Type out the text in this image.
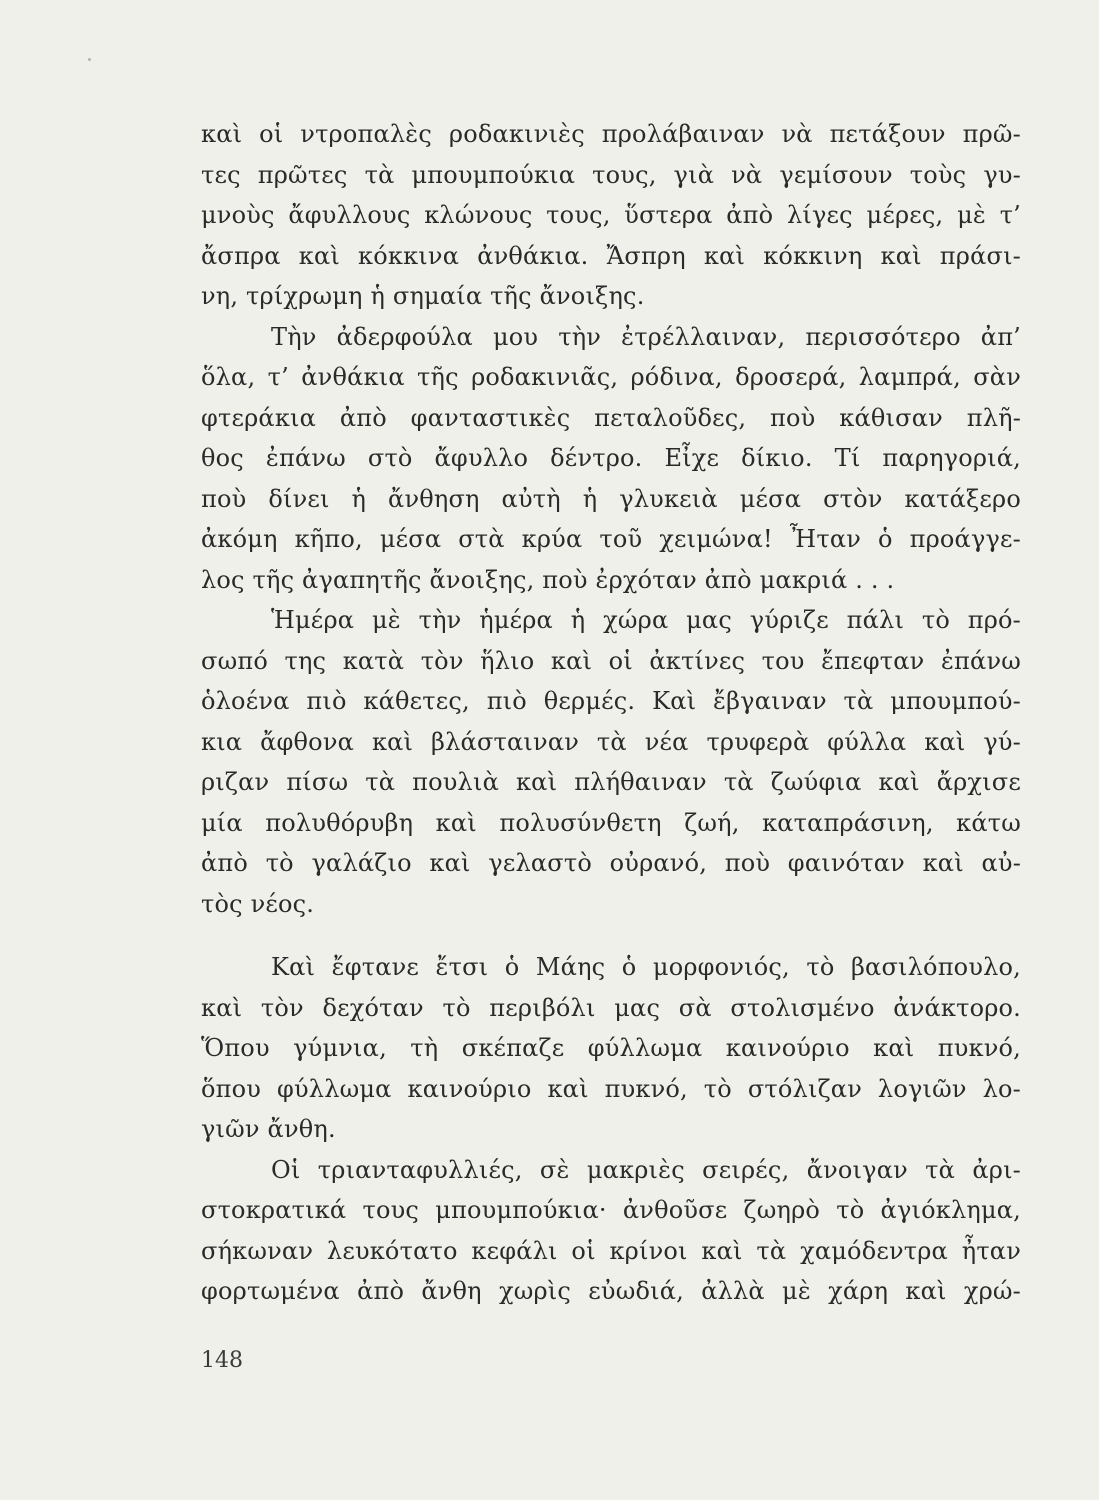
καὶ οἱ ντροπαλὲς ροδακινιὲς προλάβαιναν νὰ πετάξουν πρῶ-
τες πρῶτες τὰ μπουμπούκια τους, γιὰ νὰ γεμίσουν τοὺς γυ-
μνοὺς ἄφυλλους κλώνους τους, ὕστερα ἀπὸ λίγες μέρες, μὲ τ’
ἄσπρα καὶ κόκκινα ἀνθάκια. Ἄσπρη καὶ κόκκινη καὶ πράσι-
νη, τρίχρωμη ἡ σημαία τῆς ἄνοιξης.
Τὴν ἀδερφούλα μου τὴν ἐτρέλλαιναν, περισσότερο ἀπ’
ὅλα, τ’ ἀνθάκια τῆς ροδακινιᾶς, ρόδινα, δροσερά, λαμπρά, σὰν
φτεράκια ἀπὸ φανταστικὲς πεταλοῦδες, ποὺ κάθισαν πλῆ-
θος ἐπάνω στὸ ἄφυλλο δέντρο. Εἶχε δίκιο. Τί παρηγοριά,
ποὺ δίνει ἡ ἄνθηση αὐτὴ ἡ γλυκειὰ μέσα στὸν κατάξερο
ἀκόμη κῆπο, μέσα στὰ κρύα τοῦ χειμώνα! Ἦταν ὁ προάγγε-
λος τῆς ἀγαπητῆς ἄνοιξης, ποὺ ἐρχόταν ἀπὸ μακριά . . .
Ἡμέρα μὲ τὴν ἡμέρα ἡ χώρα μας γύριζε πάλι τὸ πρό-
σωπό της κατὰ τὸν ἥλιο καὶ οἱ ἀκτίνες του ἔπεφταν ἐπάνω
ὁλοένα πιὸ κάθετες, πιὸ θερμές. Καὶ ἔβγαιναν τὰ μπουμπού-
κια ἄφθονα καὶ βλάσταιναν τὰ νέα τρυφερὰ φύλλα καὶ γύ-
ριζαν πίσω τὰ πουλιὰ καὶ πλήθαιναν τὰ ζωύφια καὶ ἄρχισε
μία πολυθόρυβη καὶ πολυσύνθετη ζωή, καταπράσινη, κάτω
ἀπὸ τὸ γαλάζιο καὶ γελαστὸ οὐρανό, ποὺ φαινόταν καὶ αὐ-
τὸς νέος.
Καὶ ἔφτανε ἔτσι ὁ Μάης ὁ μορφονιός, τὸ βασιλόπουλο,
καὶ τὸν δεχόταν τὸ περιβόλι μας σὰ στολισμένο ἀνάκτορο.
Ὅπου γύμνια, τὴ σκέπαζε φύλλωμα καινούριο καὶ πυκνό,
ὅπου φύλλωμα καινούριο καὶ πυκνό, τὸ στόλιζαν λογιῶν λο-
γιῶν ἄνθη.
Οἱ τριανταφυλλιές, σὲ μακριὲς σειρές, ἄνοιγαν τὰ ἀρι-
στοκρατικά τους μπουμπούκια· ἀνθοῦσε ζωηρὸ τὸ ἀγιόκλημα,
σήκωναν λευκότατο κεφάλι οἱ κρίνοι καὶ τὰ χαμόδεντρα ἦταν
φορτωμένα ἀπὸ ἄνθη χωρὶς εὐωδιά, ἀλλὰ μὲ χάρη καὶ χρώ-
148
